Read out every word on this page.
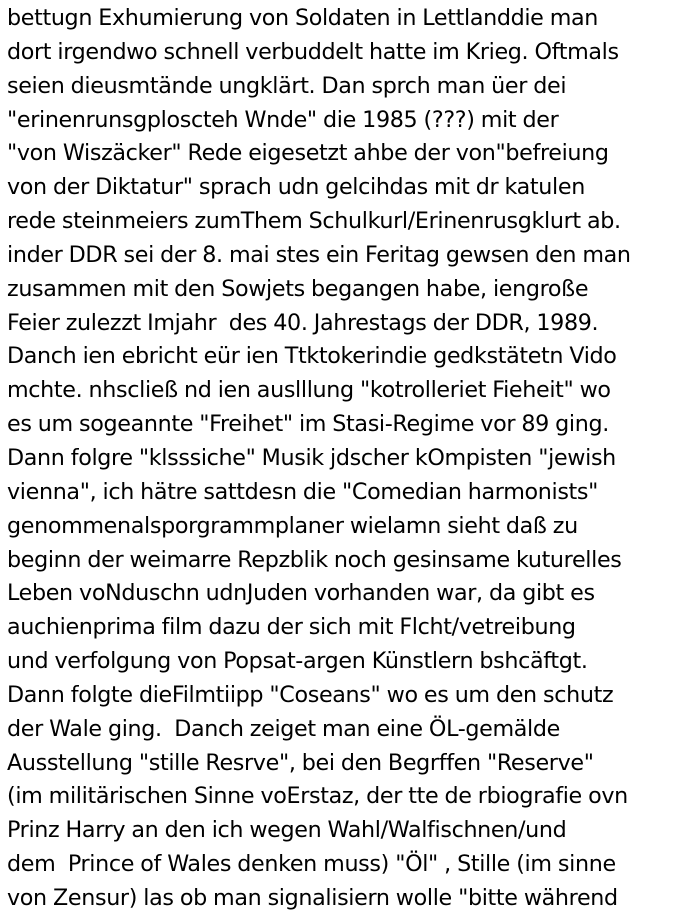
bettugn Exhumierung von Soldaten in Lettlanddie man
dort irgendwo schnell verbuddelt hatte im Krieg. Oftmals
seien dieusmtände ungklärt. Dan sprch man üer dei
"erinenrunsgploscteh Wnde" die 1985 (???) mit der
"von Wiszäcker" Rede eigesetzt ahbe der von"befreiung
von der Diktatur" sprach udn gelcihdas mit dr katulen
rede steinmeiers zumThem Schulkurl/Erinenrusgklurt ab.
inder DDR sei der 8. mai stes ein Feritag gewsen den man
zusammen mit den Sowjets begangen habe, iengroße
Feier zulezzt Imjahr  des 40. Jahrestags der DDR, 1989.
Danch ien ebricht eür ien Ttktokerindie gedkstätetn Vido
mchte. nhscließ nd ien auslllung "kotrolleriet Fieheit" wo
es um sogeannte "Freihet" im Stasi-Regime vor 89 ging.
Dann folgre "klsssiche" Musik jdscher kOmpisten "jewish
vienna", ich hätre sattdesn die "Comedian harmonists"
genommenalsporgrammplaner wielamn sieht daß zu
beginn der weimarre Repzblik noch gesinsame kuturelles
Leben voNduschn udnJuden vorhanden war, da gibt es
auchienprima film dazu der sich mit Flcht/vetreibung
und verfolgung von Popsat-argen Künstlern bshcäftgt.
Dann folgte dieFilmtiipp "Coseans" wo es um den schutz
der Wale ging.  Danch zeiget man eine ÖL-gemälde
Ausstellung "stille Resrve", bei den Begrffen "Reserve"
(im militärischen Sinne voErstaz, der tte de rbiografie ovn
Prinz Harry an den ich wegen Wahl/Walfischnen/und
dem  Prince of Wales denken muss) "Öl" , Stille (im sinne
von Zensur) las ob man signalisiern wolle "bitte während
